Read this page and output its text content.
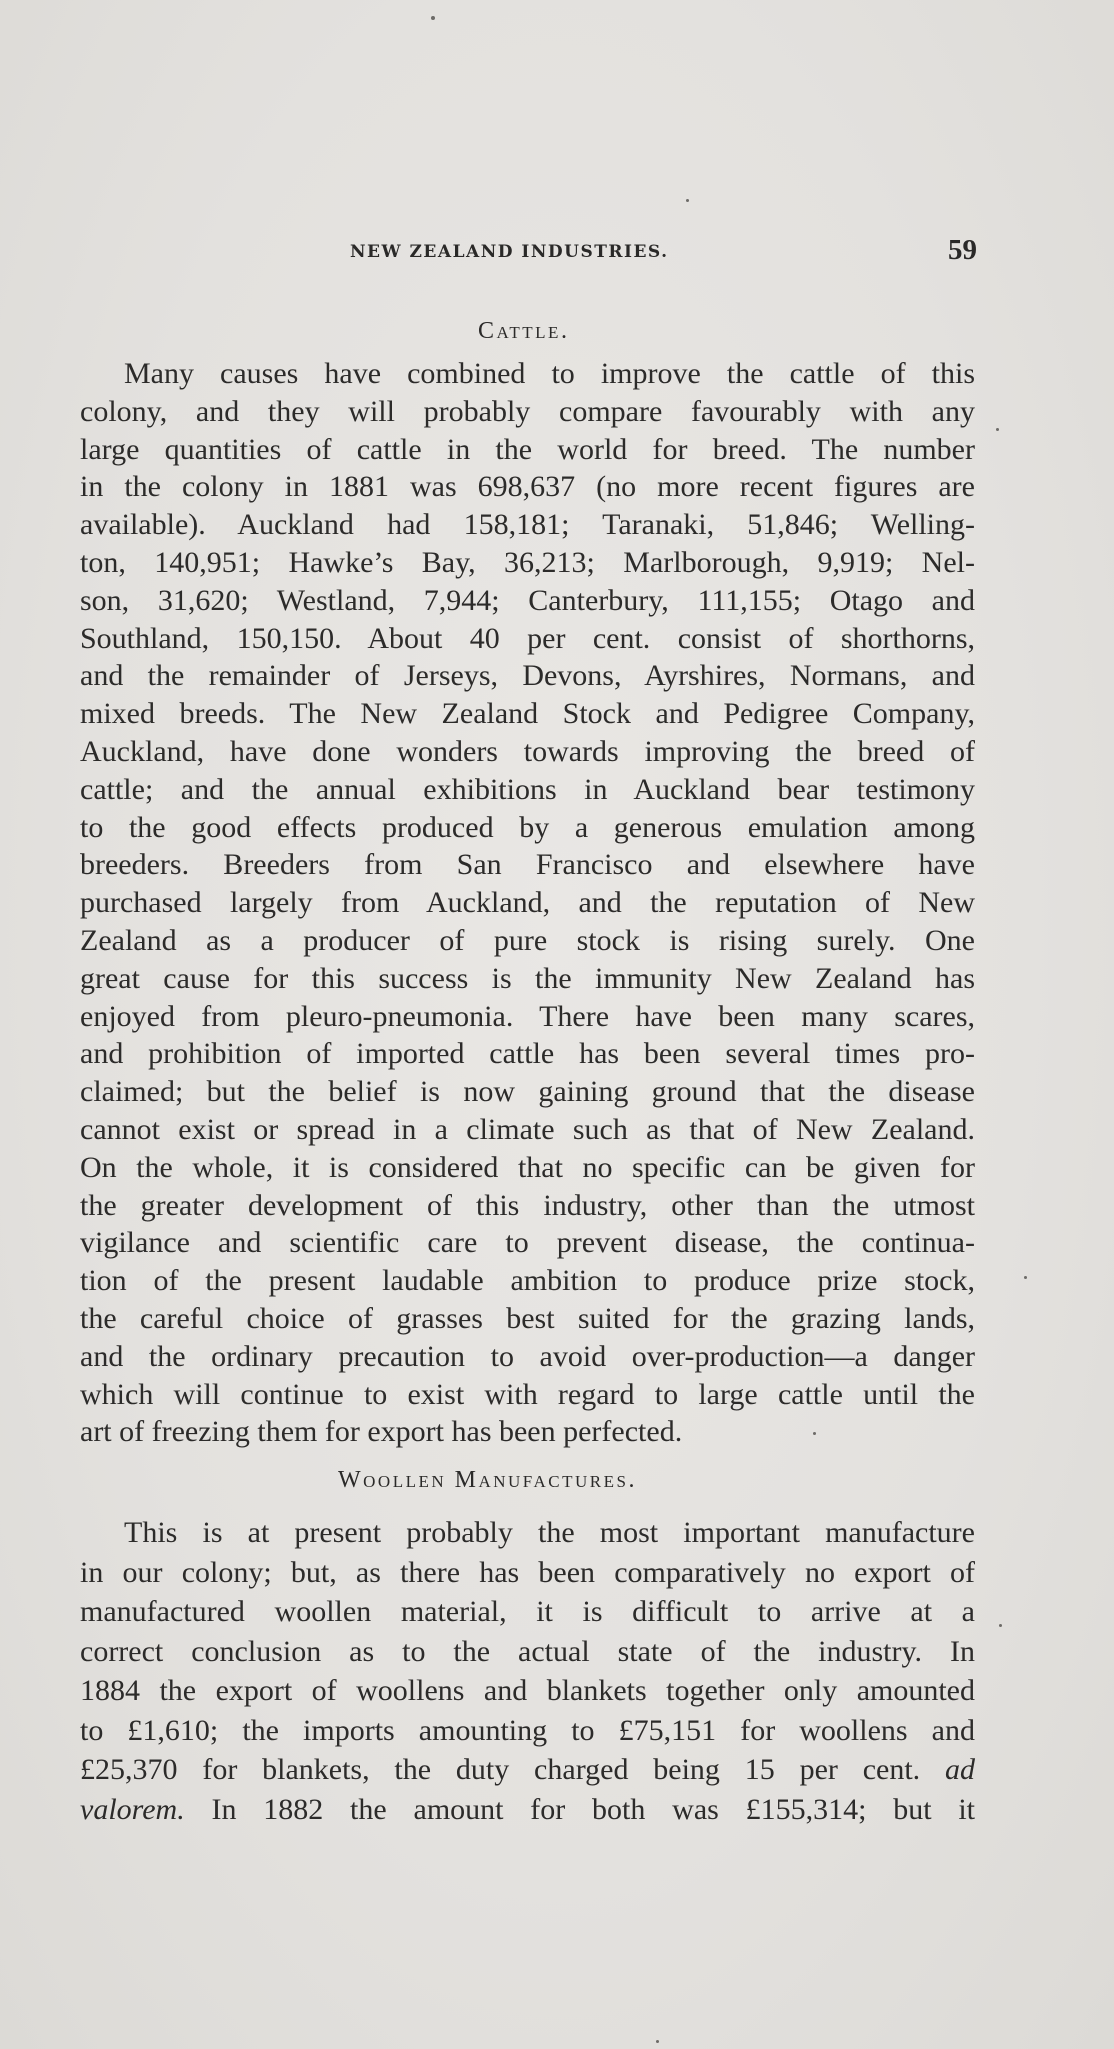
NEW ZEALAND INDUSTRIES.	59
Cattle.
Many causes have combined to improve the cattle of this
colony, and they will probably compare favourably with any
large quantities of cattle in the world for breed. The number
in the colony in 1881 was 698,637 (no more recent figures are
available). Auckland had 158,181; Taranaki, 51,846; Welling-
ton, 140,951; Hawke’s Bay, 36,213; Marlborough, 9,919; Nel-
son, 31,620; Westland, 7,944; Canterbury, 111,155; Otago and
Southland, 150,150. About 40 per cent. consist of shorthorns,
and the remainder of Jerseys, Devons, Ayrshires, Normans, and
mixed breeds. The New Zealand Stock and Pedigree Company,
Auckland, have done wonders towards improving the breed of
cattle; and the annual exhibitions in Auckland bear testimony
to the good effects produced by a generous emulation among
breeders. Breeders from San Francisco and elsewhere have
purchased largely from Auckland, and the reputation of New
Zealand as a producer of pure stock is rising surely. One
great cause for this success is the immunity New Zealand has
enjoyed from pleuro-pneumonia. There have been many scares,
and prohibition of imported cattle has been several times pro-
claimed; but the belief is now gaining ground that the disease
cannot exist or spread in a climate such as that of New Zealand.
On the whole, it is considered that no specific can be given for
the greater development of this industry, other than the utmost
vigilance and scientific care to prevent disease, the continua-
tion of the present laudable ambition to produce prize stock,
the careful choice of grasses best suited for the grazing lands,
and the ordinary precaution to avoid over-production—a danger
which will continue to exist with regard to large cattle until the
art of freezing them for export has been perfected.
Woollen Manufactures.
This is at present probably the most important manufacture
in our colony; but, as there has been comparatively no export of
manufactured woollen material, it is difficult to arrive at a
correct conclusion as to the actual state of the industry. In
1884 the export of woollens and blankets together only amounted
to £1,610; the imports amounting to £75,151 for woollens and
£25,370 for blankets, the duty charged being 15 per cent. ad
valorem. In 1882 the amount for both was £155,314; but it
